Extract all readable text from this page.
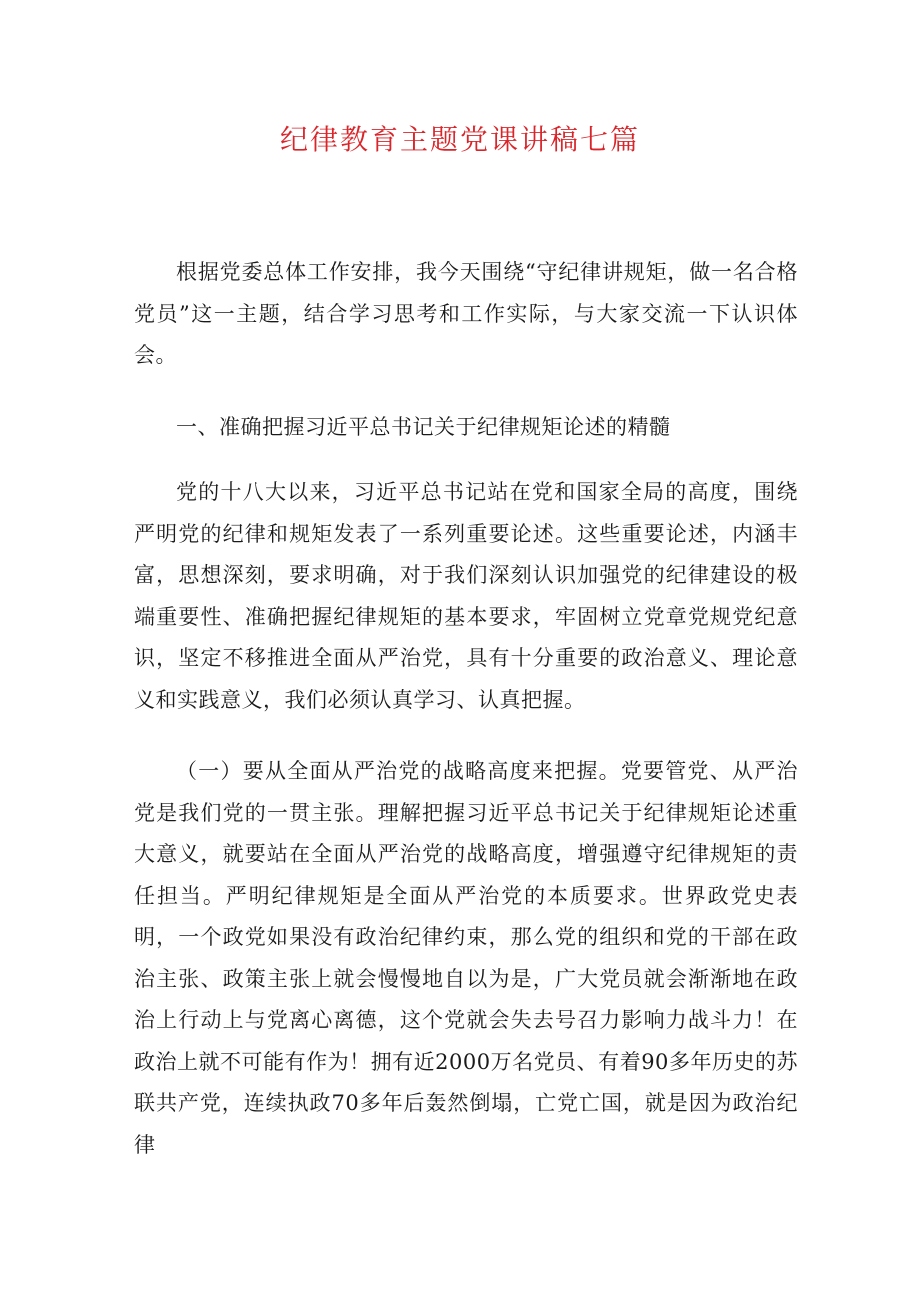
纪律教育主题党课讲稿七篇

根据党委总体工作安排，我今天围绕“守纪律讲规矩，做一名合格党员”这一主题，结合学习思考和工作实际，与大家交流一下认识体会。

一、准确把握习近平总书记关于纪律规矩论述的精髓

党的十八大以来，习近平总书记站在党和国家全局的高度，围绕严明党的纪律和规矩发表了一系列重要论述。这些重要论述，内涵丰富，思想深刻，要求明确，对于我们深刻认识加强党的纪律建设的极端重要性、准确把握纪律规矩的基本要求，牢固树立党章党规党纪意识，坚定不移推进全面从严治党，具有十分重要的政治意义、理论意义和实践意义，我们必须认真学习、认真把握。

（一）要从全面从严治党的战略高度来把握。党要管党、从严治党是我们党的一贯主张。理解把握习近平总书记关于纪律规矩论述重大意义，就要站在全面从严治党的战略高度，增强遵守纪律规矩的责任担当。严明纪律规矩是全面从严治党的本质要求。世界政党史表明，一个政党如果没有政治纪律约束，那么党的组织和党的干部在政治主张、政策主张上就会慢慢地自以为是，广大党员就会渐渐地在政治上行动上与党离心离德，这个党就会失去号召力影响力战斗力！在政治上就不可能有作为！拥有近2000万名党员、有着90多年历史的苏联共产党，连续执政70多年后轰然倒塌，亡党亡国，就是因为政治纪律
